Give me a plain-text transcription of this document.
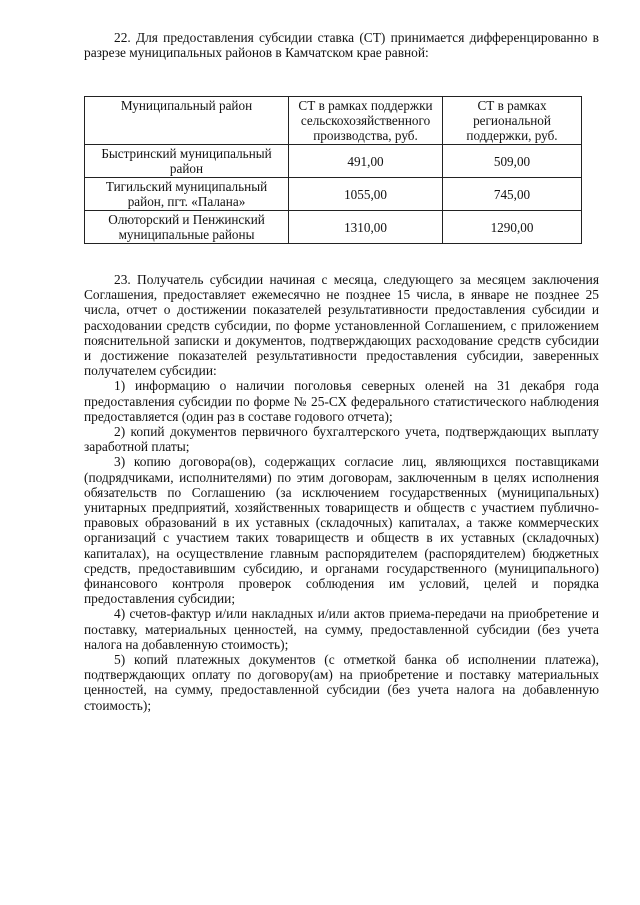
22. Для предоставления субсидии ставка (СТ) принимается дифференцированно в разрезе муниципальных районов в Камчатском крае равной:

Муниципальный район	СТ в рамках поддержки сельскохозяйственного производства, руб.	СТ в рамках региональной поддержки, руб.
Быстринский муниципальный район	491,00	509,00
Тигильский муниципальный район, пгт. «Палана»	1055,00	745,00
Олюторский и Пенжинский муниципальные районы	1310,00	1290,00

23. Получатель субсидии начиная с месяца, следующего за месяцем заключения Соглашения, предоставляет ежемесячно не позднее 15 числа, в январе не позднее 25 числа, отчет о достижении показателей результативности предоставления субсидии и расходовании средств субсидии, по форме установленной Соглашением, с приложением пояснительной записки и документов, подтверждающих расходование средств субсидии и достижение показателей результативности предоставления субсидии, заверенных получателем субсидии:

1) информацию о наличии поголовья северных оленей на 31 декабря года предоставления субсидии по форме № 25-СХ федерального статистического наблюдения предоставляется (один раз в составе годового отчета);

2) копий документов первичного бухгалтерского учета, подтверждающих выплату заработной платы;

3) копию договора(ов), содержащих согласие лиц, являющихся поставщиками (подрядчиками, исполнителями) по этим договорам, заключенным в целях исполнения обязательств по Соглашению (за исключением государственных (муниципальных) унитарных предприятий, хозяйственных товариществ и обществ с участием публично-правовых образований в их уставных (складочных) капиталах, а также коммерческих организаций с участием таких товариществ и обществ в их уставных (складочных) капиталах), на осуществление главным распорядителем (распорядителем) бюджетных средств, предоставившим субсидию, и органами государственного (муниципального) финансового контроля проверок соблюдения им условий, целей и порядка предоставления субсидии;

4) счетов-фактур и/или накладных и/или актов приема-передачи на приобретение и поставку, материальных ценностей, на сумму, предоставленной субсидии (без учета налога на добавленную стоимость);

5) копий платежных документов (с отметкой банка об исполнении платежа), подтверждающих оплату по договору(ам) на приобретение и поставку материальных ценностей, на сумму, предоставленной субсидии (без учета налога на добавленную стоимость);
